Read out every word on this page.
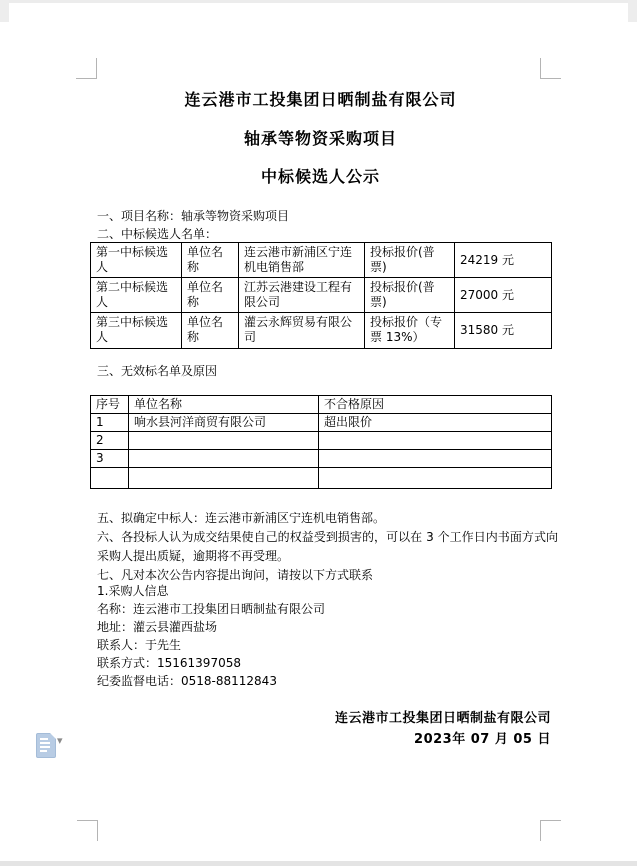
连云港市工投集团日晒制盐有限公司
轴承等物资采购项目
中标候选人公示
一、项目名称：轴承等物资采购项目
二、中标候选人名单：
第一中标候选人	单位名称	连云港市新浦区宁连机电销售部	投标报价(普票)	24219 元
第二中标候选人	单位名称	江苏云港建设工程有限公司	投标报价(普票)	27000 元
第三中标候选人	单位名称	灌云永辉贸易有限公司	投标报价（专票 13%）	31580 元
三、无效标名单及原因
序号	单位名称	不合格原因
1	响水县河洋商贸有限公司	超出限价
2		
3		

五、拟确定中标人：连云港市新浦区宁连机电销售部。
六、各投标人认为成交结果使自己的权益受到损害的，可以在 3 个工作日内书面方式向采购人提出质疑，逾期将不再受理。
七、凡对本次公告内容提出询问，请按以下方式联系
1.采购人信息
名称：连云港市工投集团日晒制盐有限公司
地址：灌云县灌西盐场
联系人：于先生
联系方式：15161397058
纪委监督电话：0518-88112843
连云港市工投集团日晒制盐有限公司
2023年 07 月 05 日
▾
